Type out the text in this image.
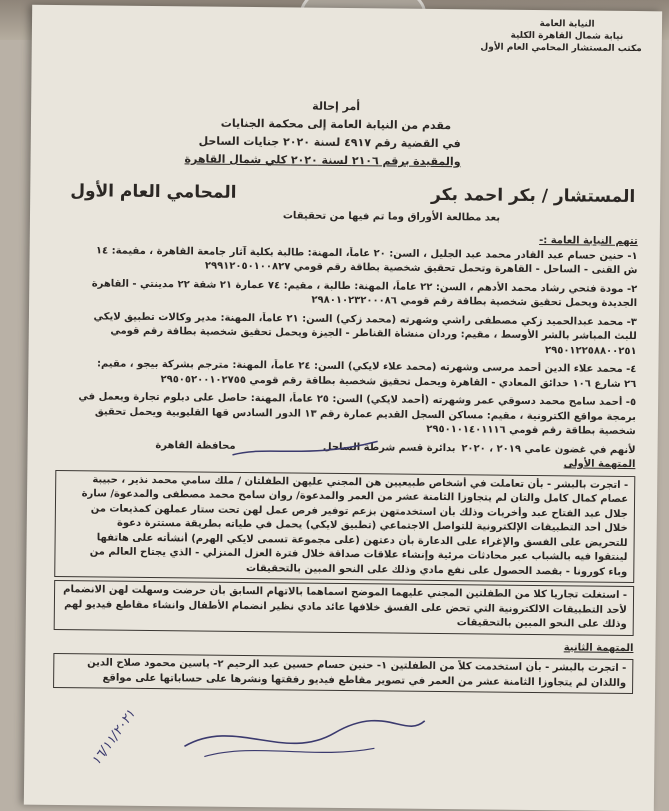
النيابة العامة
نيابة شمال القاهرة الكلية
مكتب المستشار المحامي العام الأول
أمر إحالة
مقدم من النيابة العامة إلى محكمة الجنايات
في القضية رقم ٤٩١٧ لسنة ٢٠٢٠ جنايات الساحل
والمقيدة برقم ٢١٠٦ لسنة ٢٠٢٠ كلي شمال القاهرة
المستشار / بكر احمد بكر
المحامي العام الأول
بعد مطالعة الأوراق وما تم فيها من تحقيقات

تتهم النيابة العامة :-

١- حنين حسام عبد القادر محمد عبد الجليل ، السن: ٢٠ عاماً، المهنة: طالبة بكلية آثار جامعة القاهرة ، مقيمة: ١٤

ش القنى - الساحل - القاهرة وتحمل تحقيق شخصية بطاقة رقم قومي ٢٩٩١٢٠٥٠١٠٠٨٢٧

٢- مودة فتحي رشاد محمد الأدهم ، السن: ٢٢ عاماً، المهنة: طالبة ، مقيم: ٧٤ عمارة ٢١ شقة ٢٢ مدينتي - القاهرة

الجديدة ويحمل تحقيق شخصية بطاقة رقم قومي ٢٩٨٠١٠٢٣٢٠٠٠٨٦

٣- محمد عبدالحميد زكي مصطفى راشي وشهرته (محمد زكي) السن: ٢١ عاماً، المهنة: مدير وكالات تطبيق لايكي

للبث المباشر بالشر الأوسط ، مقيم: وردان منشأة القناطر - الجيزة ويحمل تحقيق شخصية بطاقة رقم قومي

٢٩٥٠١٢٢٥٨٨٠٠٢٥١

٤- محمد علاء الدين أحمد مرسى وشهرته (محمد علاء لايكي) السن: ٢٤ عاماً، المهنة: مترجم بشركة بيجو ، مقيم:

٢٦ شارع ١٠٦ حدائق المعادي - القاهرة ويحمل تحقيق شخصية بطاقة رقم قومي ٢٩٥٠٥٢٠٠١٠٢٧٥٥

٥- أحمد سامح محمد دسوقي عمر وشهرته (أحمد لايكي) السن: ٢٥ عاماً، المهنة: حاصل على دبلوم تجارة ويعمل في

برمجة مواقع الكترونية ، مقيم: مساكن السجل القديم عمارة رقم ١٣ الدور السادس قها القليوبية ويحمل تحقيق

شخصية بطاقة رقم قومي ٢٩٥٠١٠١٤٠١١١٦

لأنهم في غضون عامي ٢٠١٩ ، ٢٠٢٠
بدائرة قسم شرطة الساحل
محافظة القاهرة

المتهمة الأولى

- اتجرت بالبشر - بأن تعاملت في أشخاص طبيعيين هن المجني عليهن الطفلتان / ملك سامي محمد نذير ، حبيبة

عصام كمال كامل والتان لم يتجاوزا الثامنة عشر من العمر والمدعوة/ روان سامح محمد مصطفى والمدعوة/ سارة

جلال عبد الفتاح عبد وأخريات وذلك بأن استخدمتهن بزعم توفير فرص عمل لهن تحت ستار عملهن كمذيعات من

خلال أحد التطبيقات الإلكترونية للتواصل الاجتماعي (تطبيق لايكي) يحمل في طياته بطريقة مستترة دعوة

للتحريض على الفسق والإغراء على الدعارة بأن دعتهن (على مجموعة تسمى لايكي الهرم) أنشأته على هاتفها

لينتقوا فيه بالشباب عبر محادثات مرئية وإنشاء علاقات صداقة خلال فترة العزل المنزلي - الذي يجتاح العالم من

وباء كورونا - بقصد الحصول على نفع مادي وذلك على النحو المبين بالتحقيقات

- استغلت تجاريا كلا من الطفلتين المجني عليهما الموضح اسماهما بالاتهام السابق بأن حرضت وسهلت لهن الانضمام

لأحد التطبيقات الالكترونية التي تحض على الفسق خلافها عائد مادي نظير انضمام الأطفال وانشاء مقاطع فيديو لهم

وذلك على النحو المبين بالتحقيقات

المتهمة الثانية

- اتجرت بالبشر - بأن استخدمت كلاً من الطفلتين ١- حنين حسام حسين عبد الرحيم ٢- ياسين محمود صلاح الدين

واللذان لم يتجاوزا الثامنة عشر من العمر في تصوير مقاطع فيديو رفقتها ونشرها على حساباتها على مواقع

١٦/١١/٢٠٢١
